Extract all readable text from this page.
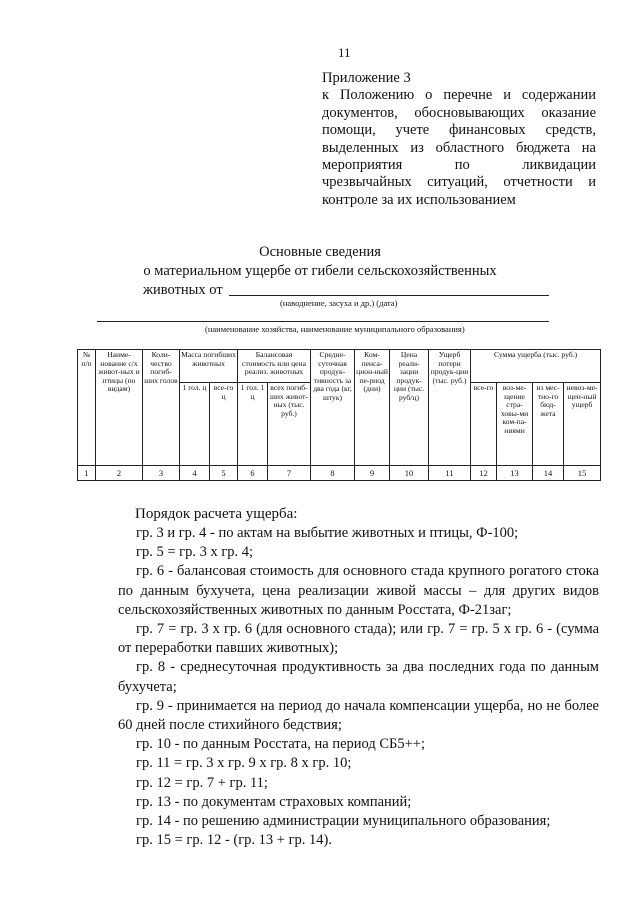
11
Приложение 3
к Положению о перечне и содержании
документов, обосновывающих оказание
помощи, учете финансовых средств,
выделенных из областного бюджета на
мероприятия по ликвидации
чрезвычайных ситуаций, отчетности и
контроле за их использованием
Основные сведения
о материальном ущербе от гибели сельскохозяйственных
животных от
(наводнение, засуха и др.) (дата)
(наименование хозяйства, наименование муниципального образования)
№ п/п	Наиме-нование с/х живот-ных и птицы (по видам)	Коли-чество погиб-ших голов	Масса погибших животных		Балансовая стоимость или цена реализ. животных		Средне-суточная продук-тивность за два года (кг, штук)	Ком-пенса-цион-ный пе-риод (дни)	Цена реали-зации продук-ции (тыс. руб/ц)	Ущерб потери продук-ции (тыс. руб.)	Сумма ущерба (тыс. руб.)			
			1 гол. ц	все-го ц	1 гол. 1 ц	всех погиб-ших живот-ных (тыс. руб.)					все-го	воз-ме-щение стра-ховы-ми ком-па-ниями	из мес-тно-го бюд-жета	невоз-ме-щен-ный ущерб
1	2	3	4	5	6	7	8	9	10	11	12	13	14	15
Порядок расчета ущерба:

гр. 3 и гр. 4 - по актам на выбытие животных и птицы, Ф-100;

гр. 5 = гр. 3 х гр. 4;

гр. 6 - балансовая стоимость для основного стада крупного рогатого стока по данным бухучета, цена реализации живой массы – для других видов сельскохозяйственных животных по данным Росстата, Ф-21заг;

гр. 7 = гр. 3 х гр. 6 (для основного стада); или гр. 7 = гр. 5 х гр. 6 - (сумма от переработки павших животных);

гр. 8 - среднесуточная продуктивность за два последних года по данным бухучета;

гр. 9 - принимается на период до начала компенсации ущерба, но не более 60 дней после стихийного бедствия;

гр. 10 - по данным Росстата, на период СБ5++;

гр. 11 = гр. 3 х гр. 9 х гр. 8 х гр. 10;

гр. 12 = гр. 7 + гр. 11;

гр. 13 - по документам страховых компаний;

гр. 14 - по решению администрации муниципального образования;

гр. 15 = гр. 12 - (гр. 13 + гр. 14).
